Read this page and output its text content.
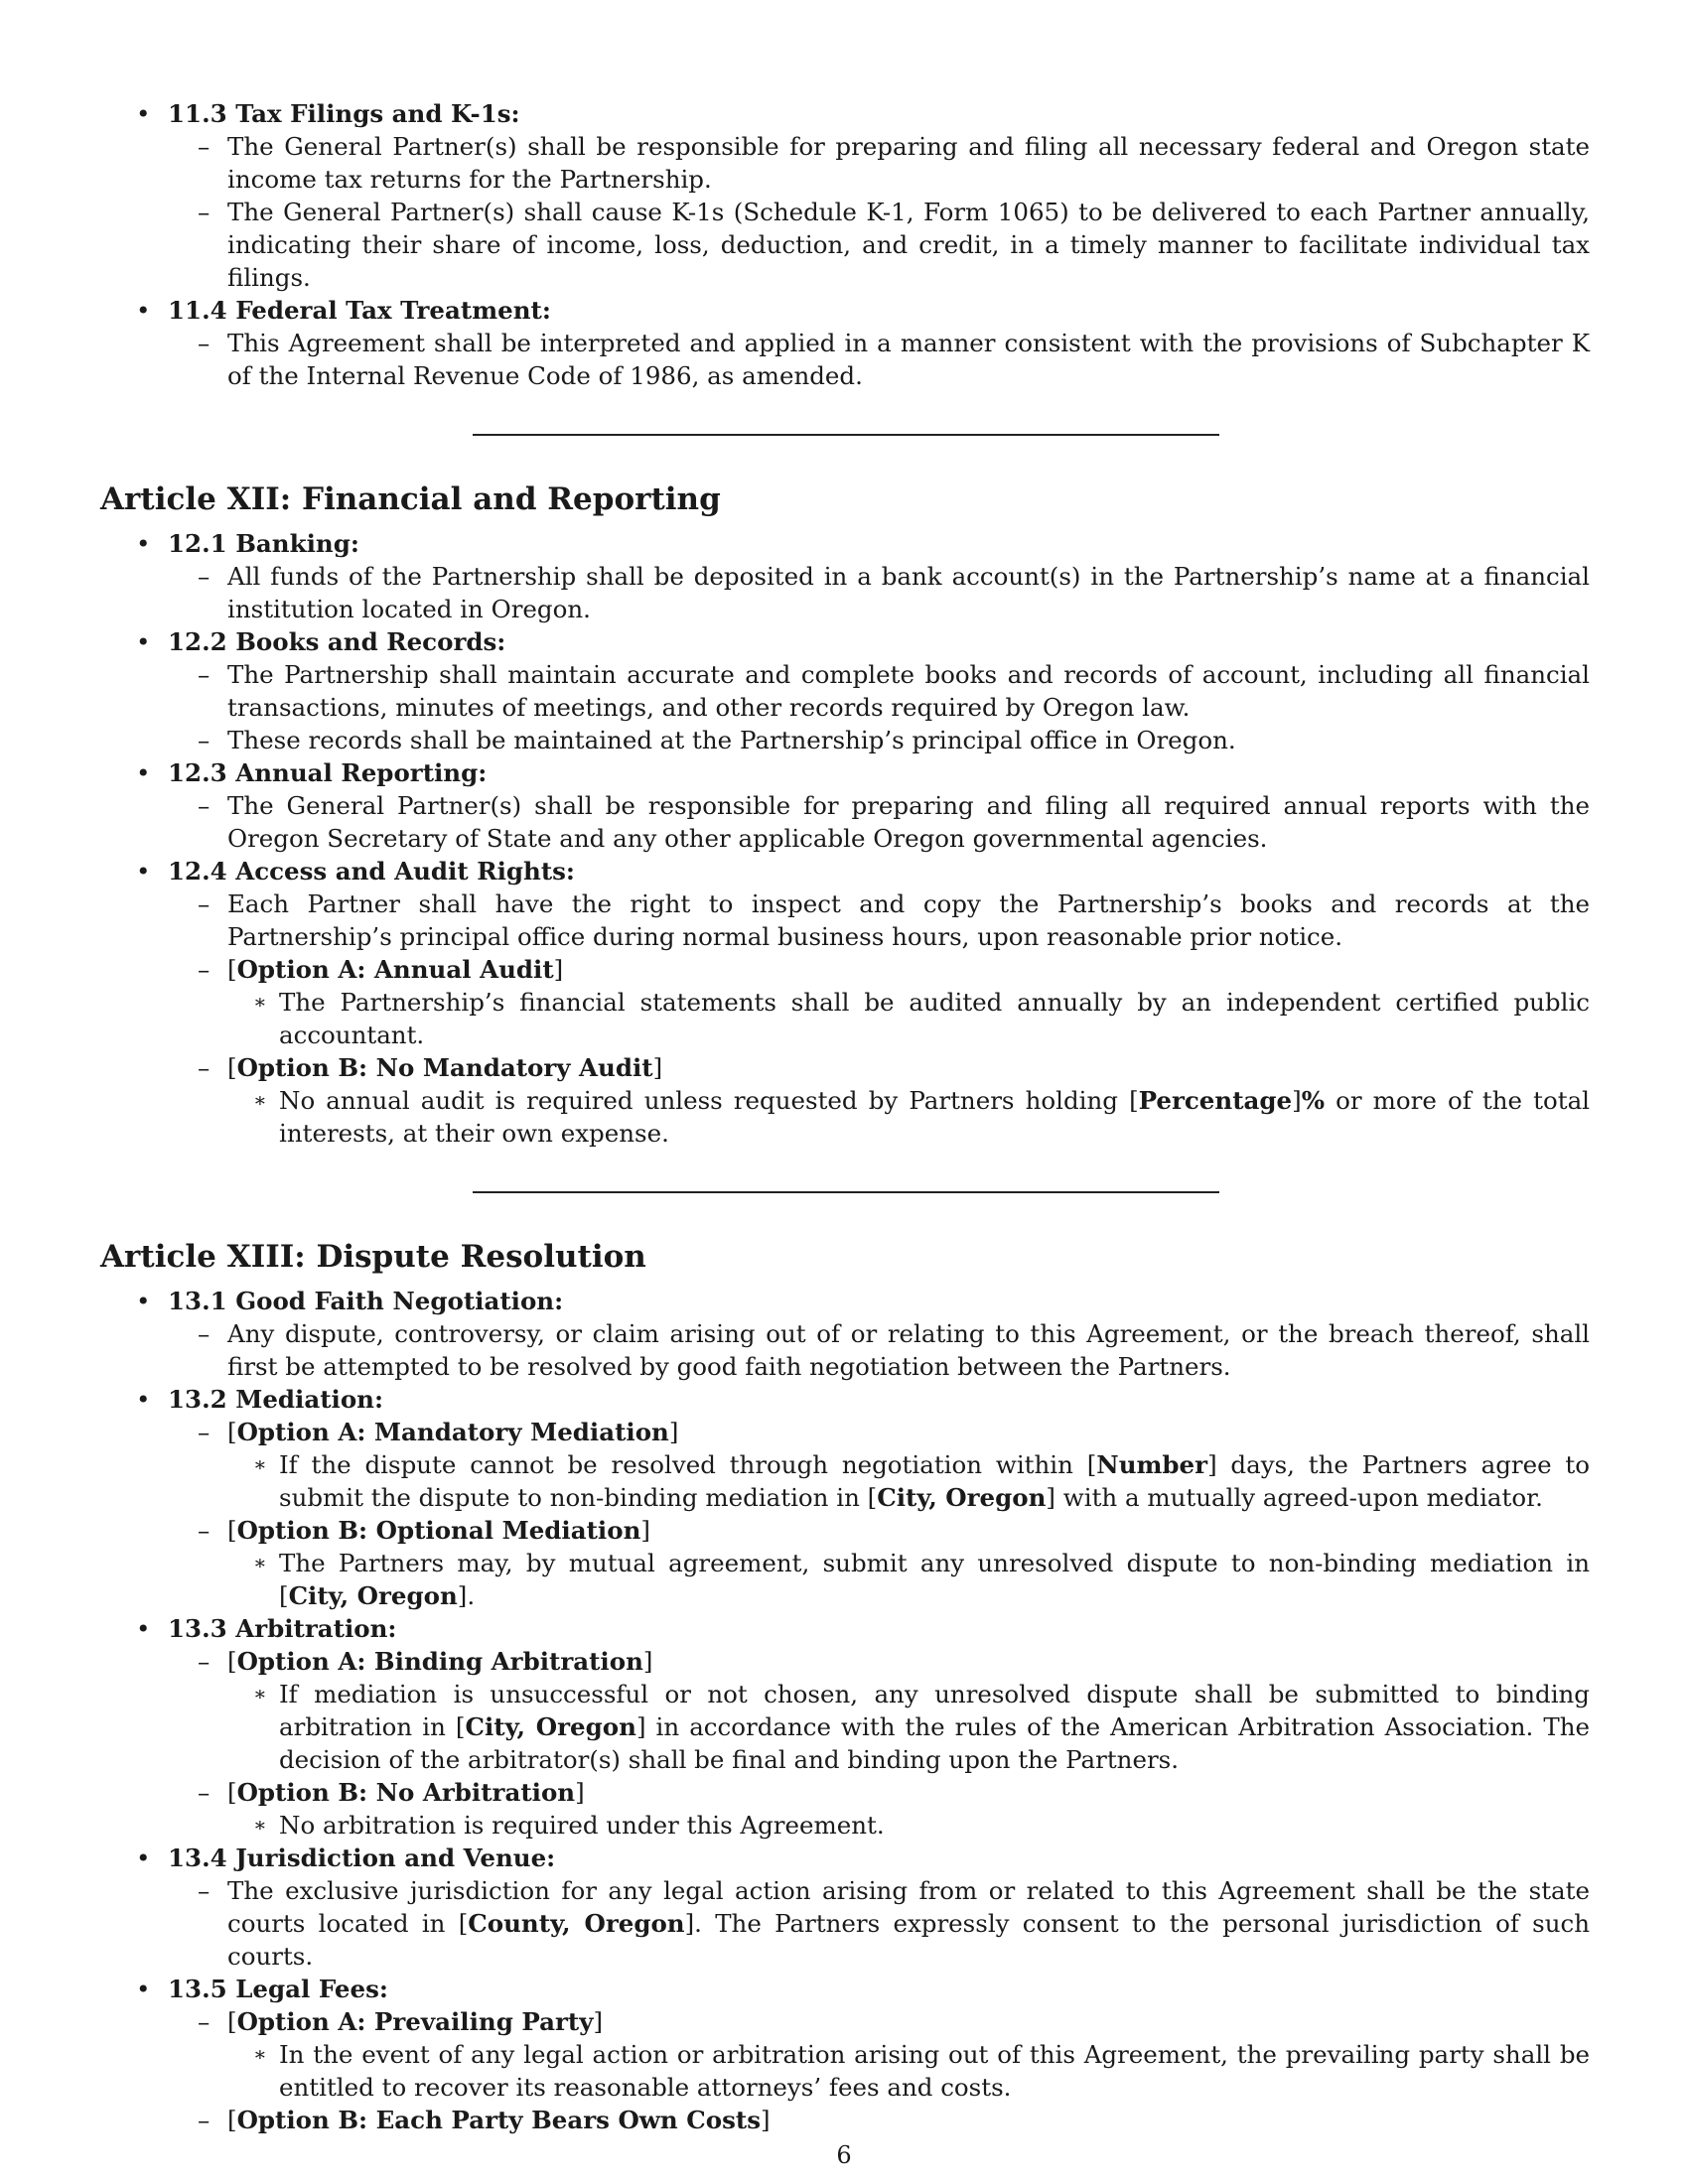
• 11.3 Tax Filings and K-1s:
– The General Partner(s) shall be responsible for preparing and filing all necessary federal and Oregon state income tax returns for the Partnership.
– The General Partner(s) shall cause K-1s (Schedule K-1, Form 1065) to be delivered to each Partner annually, indicating their share of income, loss, deduction, and credit, in a timely manner to facilitate individual tax filings.
• 11.4 Federal Tax Treatment:
– This Agreement shall be interpreted and applied in a manner consistent with the provisions of Subchapter K of the Internal Revenue Code of 1986, as amended.
Article XII: Financial and Reporting
• 12.1 Banking:
– All funds of the Partnership shall be deposited in a bank account(s) in the Partnership’s name at a financial institution located in Oregon.
• 12.2 Books and Records:
– The Partnership shall maintain accurate and complete books and records of account, including all financial transactions, minutes of meetings, and other records required by Oregon law.
– These records shall be maintained at the Partnership’s principal office in Oregon.
• 12.3 Annual Reporting:
– The General Partner(s) shall be responsible for preparing and filing all required annual reports with the Oregon Secretary of State and any other applicable Oregon governmental agencies.
• 12.4 Access and Audit Rights:
– Each Partner shall have the right to inspect and copy the Partnership’s books and records at the Partnership’s principal office during normal business hours, upon reasonable prior notice.
– [Option A: Annual Audit]
∗ The Partnership’s financial statements shall be audited annually by an independent certified public accountant.
– [Option B: No Mandatory Audit]
∗ No annual audit is required unless requested by Partners holding [Percentage]% or more of the total interests, at their own expense.
Article XIII: Dispute Resolution
• 13.1 Good Faith Negotiation:
– Any dispute, controversy, or claim arising out of or relating to this Agreement, or the breach thereof, shall first be attempted to be resolved by good faith negotiation between the Partners.
• 13.2 Mediation:
– [Option A: Mandatory Mediation]
∗ If the dispute cannot be resolved through negotiation within [Number] days, the Partners agree to submit the dispute to non-binding mediation in [City, Oregon] with a mutually agreed-upon mediator.
– [Option B: Optional Mediation]
∗ The Partners may, by mutual agreement, submit any unresolved dispute to non-binding mediation in [City, Oregon].
• 13.3 Arbitration:
– [Option A: Binding Arbitration]
∗ If mediation is unsuccessful or not chosen, any unresolved dispute shall be submitted to binding arbitration in [City, Oregon] in accordance with the rules of the American Arbitration Association. The decision of the arbitrator(s) shall be final and binding upon the Partners.
– [Option B: No Arbitration]
∗ No arbitration is required under this Agreement.
• 13.4 Jurisdiction and Venue:
– The exclusive jurisdiction for any legal action arising from or related to this Agreement shall be the state courts located in [County, Oregon]. The Partners expressly consent to the personal jurisdiction of such courts.
• 13.5 Legal Fees:
– [Option A: Prevailing Party]
∗ In the event of any legal action or arbitration arising out of this Agreement, the prevailing party shall be entitled to recover its reasonable attorneys’ fees and costs.
– [Option B: Each Party Bears Own Costs]
6
